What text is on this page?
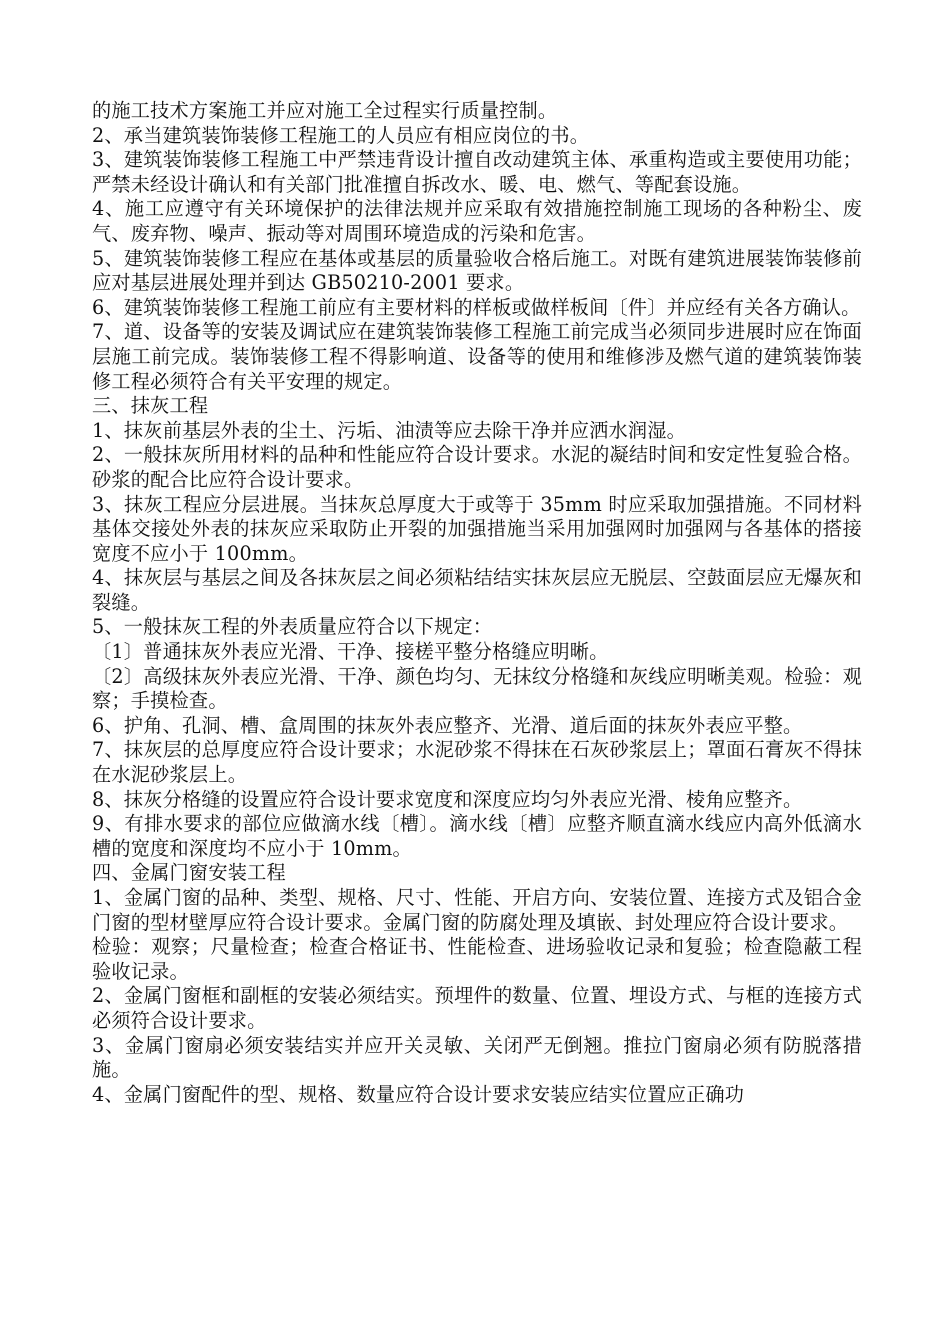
的施工技术方案施工并应对施工全过程实行质量控制。

2、承当建筑装饰装修工程施工的人员应有相应岗位的书。

3、建筑装饰装修工程施工中严禁违背设计擅自改动建筑主体、承重构造或主要使用功能；严禁未经设计确认和有关部门批准擅自拆改水、暖、电、燃气、等配套设施。

4、施工应遵守有关环境保护的法律法规并应采取有效措施控制施工现场的各种粉尘、废气、废弃物、噪声、振动等对周围环境造成的污染和危害。

5、建筑装饰装修工程应在基体或基层的质量验收合格后施工。对既有建筑进展装饰装修前应对基层进展处理并到达 GB50210-2001 要求。

6、建筑装饰装修工程施工前应有主要材料的样板或做样板间〔件〕并应经有关各方确认。

7、道、设备等的安装及调试应在建筑装饰装修工程施工前完成当必须同步进展时应在饰面层施工前完成。装饰装修工程不得影响道、设备等的使用和维修涉及燃气道的建筑装饰装修工程必须符合有关平安理的规定。

三、抹灰工程

1、抹灰前基层外表的尘土、污垢、油渍等应去除干净并应洒水润湿。

2、一般抹灰所用材料的品种和性能应符合设计要求。水泥的凝结时间和安定性复验合格。砂浆的配合比应符合设计要求。

3、抹灰工程应分层进展。当抹灰总厚度大于或等于 35mm 时应采取加强措施。不同材料基体交接处外表的抹灰应采取防止开裂的加强措施当采用加强网时加强网与各基体的搭接宽度不应小于 100mm。

4、抹灰层与基层之间及各抹灰层之间必须粘结结实抹灰层应无脱层、空鼓面层应无爆灰和裂缝。

5、一般抹灰工程的外表质量应符合以下规定：

〔1〕普通抹灰外表应光滑、干净、接槎平整分格缝应明晰。

〔2〕高级抹灰外表应光滑、干净、颜色均匀、无抹纹分格缝和灰线应明晰美观。检验：观察；手摸检查。

6、护角、孔洞、槽、盒周围的抹灰外表应整齐、光滑、道后面的抹灰外表应平整。

7、抹灰层的总厚度应符合设计要求；水泥砂浆不得抹在石灰砂浆层上；罩面石膏灰不得抹在水泥砂浆层上。

8、抹灰分格缝的设置应符合设计要求宽度和深度应均匀外表应光滑、棱角应整齐。

9、有排水要求的部位应做滴水线〔槽〕。滴水线〔槽〕应整齐顺直滴水线应内高外低滴水槽的宽度和深度均不应小于 10mm。

四、金属门窗安装工程

1、金属门窗的品种、类型、规格、尺寸、性能、开启方向、安装位置、连接方式及铝合金门窗的型材壁厚应符合设计要求。金属门窗的防腐处理及填嵌、封处理应符合设计要求。

检验：观察；尺量检查；检查合格证书、性能检查、进场验收记录和复验；检查隐蔽工程验收记录。

2、金属门窗框和副框的安装必须结实。预埋件的数量、位置、埋设方式、与框的连接方式必须符合设计要求。

3、金属门窗扇必须安装结实并应开关灵敏、关闭严无倒翘。推拉门窗扇必须有防脱落措施。

4、金属门窗配件的型、规格、数量应符合设计要求安装应结实位置应正确功
